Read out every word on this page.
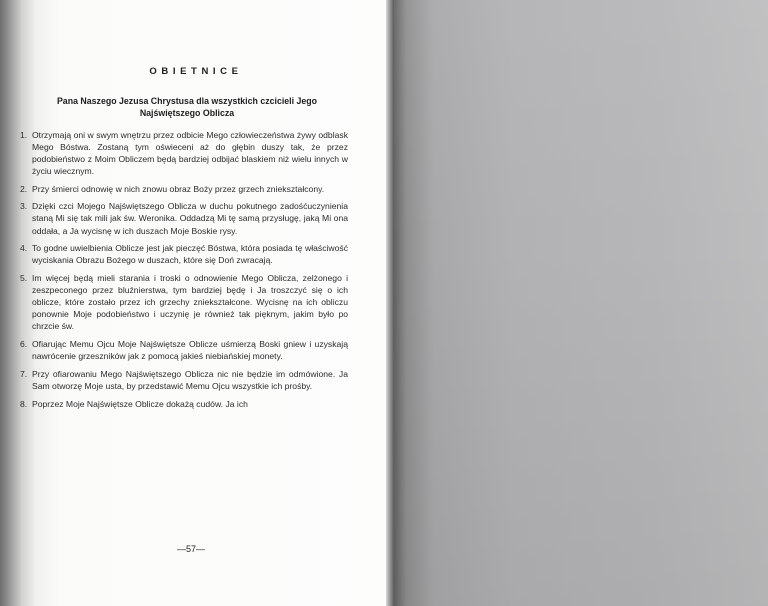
OBIETNICE
Pana Naszego Jezusa Chrystusa dla wszystkich czcicieli Jego Najświętszego Oblicza
1. Otrzymają oni w swym wnętrzu przez odbicie Mego człowieczeństwa żywy odblask Mego Bóstwa. Zostaną tym oświeceni aż do głębin duszy tak, że przez podobieństwo z Moim Obliczem będą bardziej odbijać blaskiem niż wielu innych w życiu wiecznym.
2. Przy śmierci odnowię w nich znowu obraz Boży przez grzech zniekształcony.
3. Dzięki czci Mojego Najświętszego Oblicza w duchu pokutnego zadośćuczynienia staną Mi się tak mili jak św. Weronika. Oddadzą Mi tę samą przysługę, jaką Mi ona oddała, a Ja wycisnę w ich duszach Moje Boskie rysy.
4. To godne uwielbienia Oblicze jest jak pieczęć Bóstwa, która posiada tę właściwość wyciskania Obrazu Bożego w duszach, które się Doń zwracają.
5. Im więcej będą mieli starania i troski o odnowienie Mego Oblicza, zelżonego i zeszpeconego przez bluźnierstwa, tym bardziej będę i Ja troszczyć się o ich oblicze, które zostało przez ich grzechy zniekształcone. Wycisnę na ich obliczu ponownie Moje podobieństwo i uczynię je również tak pięknym, jakim było po chrzcie św.
6. Ofiarując Memu Ojcu Moje Najświętsze Oblicze uśmierzą Boski gniew i uzyskają nawrócenie grzeszników jak z pomocą jakieś niebiańskiej monety.
7. Przy ofiarowaniu Mego Najświętszego Oblicza nic nie będzie im odmówione. Ja Sam otworzę Moje usta, by przedstawić Memu Ojcu wszystkie ich prośby.
8. Poprzez Moje Najświętsze Oblicze dokażą cudów. Ja ich
—57—
